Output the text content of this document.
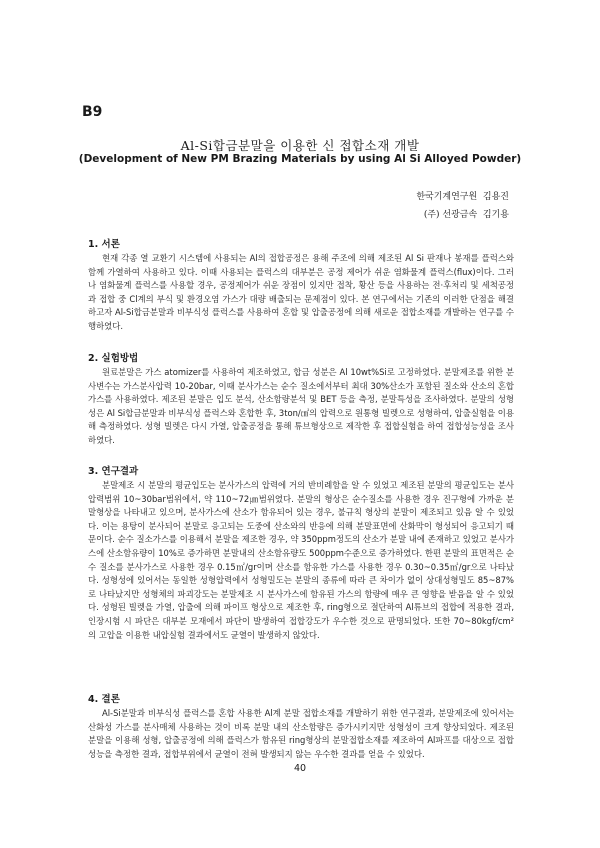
B9
Al-Si합금분말을 이용한 신 접합소재 개발
(Development of New PM Brazing Materials by using Al Si Alloyed Powder)
한국기계연구원  김용진
(주) 선광금속  김기용
1. 서론

현재 각종 열 교환기 시스템에 사용되는 Al의 접합공정은 용해 주조에 의해 제조된 Al Si 판재나 봉재를 플럭스와 함께 가열하여 사용하고 있다. 이때 사용되는 플럭스의 대부분은 공정 제어가 쉬운 염화물계 플럭스(flux)이다. 그러나 염화물계 플럭스를 사용할 경우, 공정제어가 쉬운 장점이 있지만 접착, 황산 등을 사용하는 전·후처리 및 세척공정과 접합 중 Cl계의 부식 및 환경오염 가스가 대량 배출되는 문제점이 있다. 본 연구에서는 기존의 이러한 단점을 해결하고자 Al-Si합금분말과 비부식성 플럭스를 사용하여 혼합 및 압출공정에 의해 새로운 접합소재를 개발하는 연구를 수행하였다.

2. 실험방법

원료분말은 가스 atomizer를 사용하여 제조하였고, 합금 성분은 Al 10wt%Si로 고정하였다. 분말제조를 위한 분사변수는 가스분사압력 10-20bar, 이때 분사가스는 순수 질소에서부터 최대 30%산소가 포함된 질소와 산소의 혼합가스를 사용하였다. 제조된 분말은 입도 분석, 산소함량분석 및 BET 등을 측정, 분말특성을 조사하였다. 분말의 성형성은 Al Si합금분말과 비부식성 플럭스와 혼합한 후, 3ton/㎠의 압력으로 원통형 빌렛으로 성형하여, 압출실험을 이용해 측정하였다. 성형 빌렛은 다시 가열, 압출공정을 통해 튜브형상으로 제작한 후 접합실험을 하여 접합성능성을 조사하였다.

3. 연구결과

분말제조 시 분말의 평균입도는 분사가스의 압력에 거의 반비례함을 알 수 있었고 제조된 분말의 평균입도는 분사압력범위 10~30bar범위에서, 약 110~72㎛범위였다. 분말의 형상은 순수질소를 사용한 경우 진구형에 가까운 분말형상을 나타내고 있으며, 분사가스에 산소가 함유되어 있는 경우, 불규칙 형상의 분말이 제조되고 있음 알 수 있었다. 이는 용탕이 분사되어 분말로 응고되는 도중에 산소와의 반응에 의해 분말표면에 산화막이 형성되어 응고되기 때문이다. 순수 질소가스를 이용해서 분말을 제조한 경우, 약 350ppm정도의 산소가 분말 내에 존재하고 있었고 분사가스에 산소함유량이 10%로 증가하면 분말내의 산소함유량도 500ppm수준으로 증가하였다. 한편 분말의 표면적은 순수 질소를 분사가스로 사용한 경우 0.15㎡/gr이며 산소를 함유한 가스를 사용한 경우 0.30~0.35㎡/gr으로 나타났다. 성형성에 있어서는 동일한 성형압력에서 성형밀도는 분말의 종류에 따라 큰 차이가 없이 상대성형밀도 85~87%로 나타났지만 성형체의 파괴강도는 분말제조 시 분사가스에 함유된 가스의 함량에 매우 큰 영향을 받음을 알 수 있었다. 성형된 빌렛을 가열, 압출에 의해 파이프 형상으로 제조한 후, ring형으로 절단하여 Al튜브의 접합에 적용한 결과, 인장시험 시 파단은 대부분 모재에서 파단이 발생하여 접합강도가 우수한 것으로 판명되었다. 또한 70~80kgf/cm²의 고압을 이용한 내압실험 결과에서도 균열이 발생하지 않았다.

4. 결론

Al-Si분말과 비부식성 플럭스를 혼합 사용한 Al계 분말 접합소재를 개발하기 위한 연구결과, 분말제조에 있어서는 산화성 가스를 분사매체 사용하는 것이 비록 분말 내의 산소함량은 증가시키지만 성형성이 크게 향상되었다. 제조된 분말을 이용해 성형, 압출공정에 의해 플럭스가 함유된 ring형상의 분말접합소재를 제조하여 Al파프를 대상으로 접합성능을 측정한 결과, 접합부위에서 균열이 전혀 발생되지 않는 우수한 결과를 얻을 수 있었다.

40
